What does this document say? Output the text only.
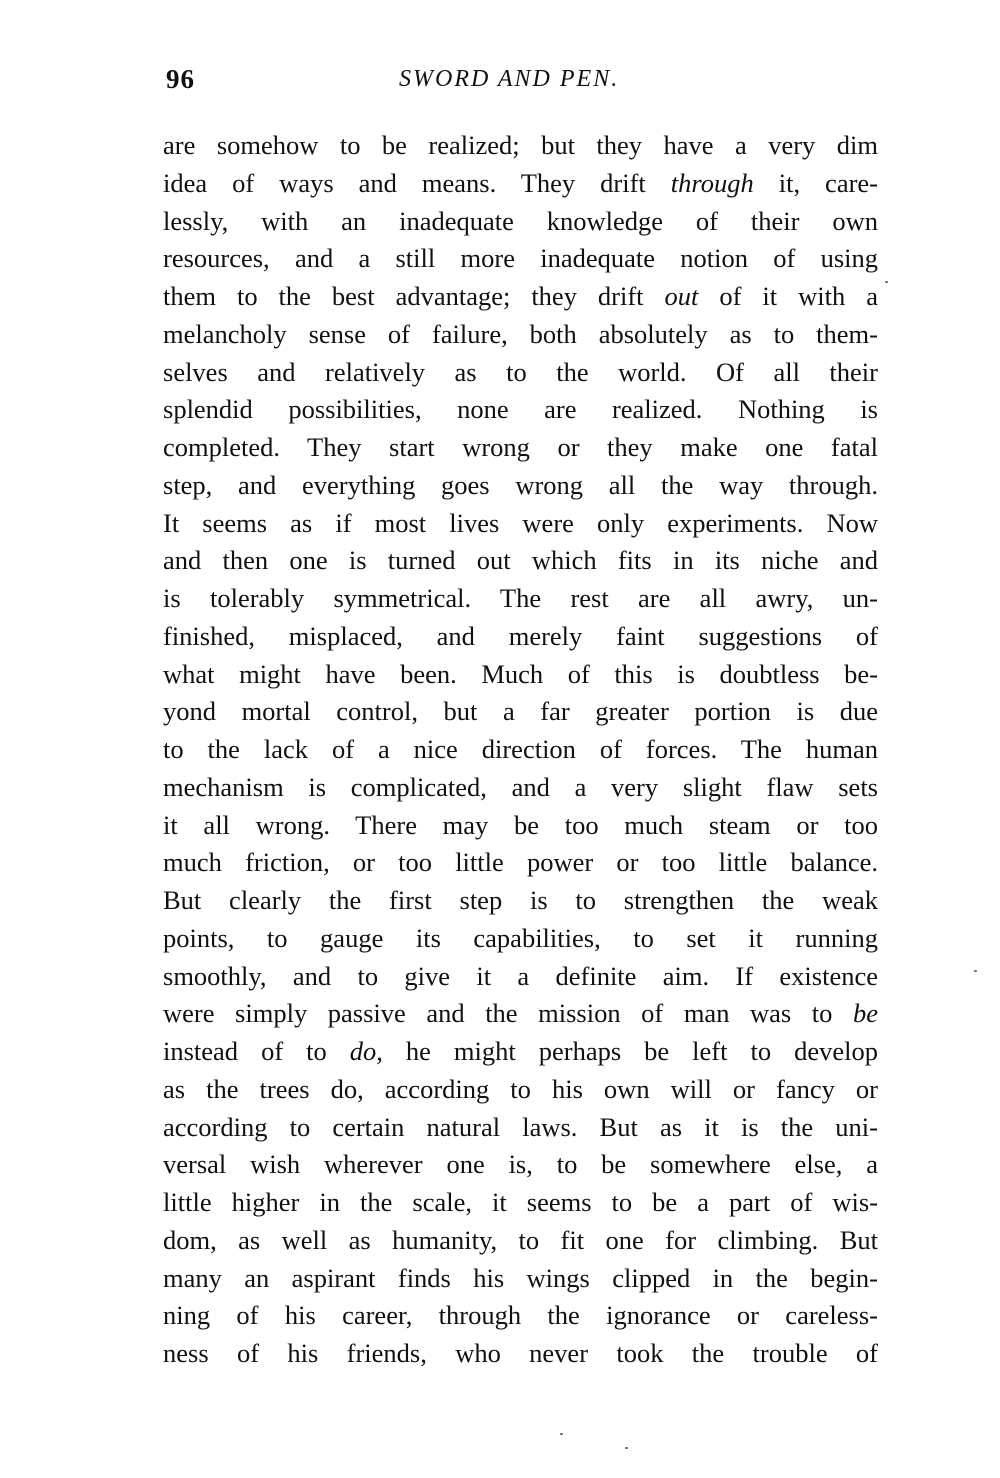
96	SWORD AND PEN.
are somehow to be realized; but they have a very dim
idea of ways and means. They drift through it, care-
lessly, with an inadequate knowledge of their own
resources, and a still more inadequate notion of using
them to the best advantage; they drift out of it with a
melancholy sense of failure, both absolutely as to them-
selves and relatively as to the world. Of all their
splendid possibilities, none are realized. Nothing is
completed. They start wrong or they make one fatal
step, and everything goes wrong all the way through.
It seems as if most lives were only experiments. Now
and then one is turned out which fits in its niche and
is tolerably symmetrical. The rest are all awry, un-
finished, misplaced, and merely faint suggestions of
what might have been. Much of this is doubtless be-
yond mortal control, but a far greater portion is due
to the lack of a nice direction of forces. The human
mechanism is complicated, and a very slight flaw sets
it all wrong. There may be too much steam or too
much friction, or too little power or too little balance.
But clearly the first step is to strengthen the weak
points, to gauge its capabilities, to set it running
smoothly, and to give it a definite aim. If existence
were simply passive and the mission of man was to be
instead of to do, he might perhaps be left to develop
as the trees do, according to his own will or fancy or
according to certain natural laws. But as it is the uni-
versal wish wherever one is, to be somewhere else, a
little higher in the scale, it seems to be a part of wis-
dom, as well as humanity, to fit one for climbing. But
many an aspirant finds his wings clipped in the begin-
ning of his career, through the ignorance or careless-
ness of his friends, who never took the trouble of
